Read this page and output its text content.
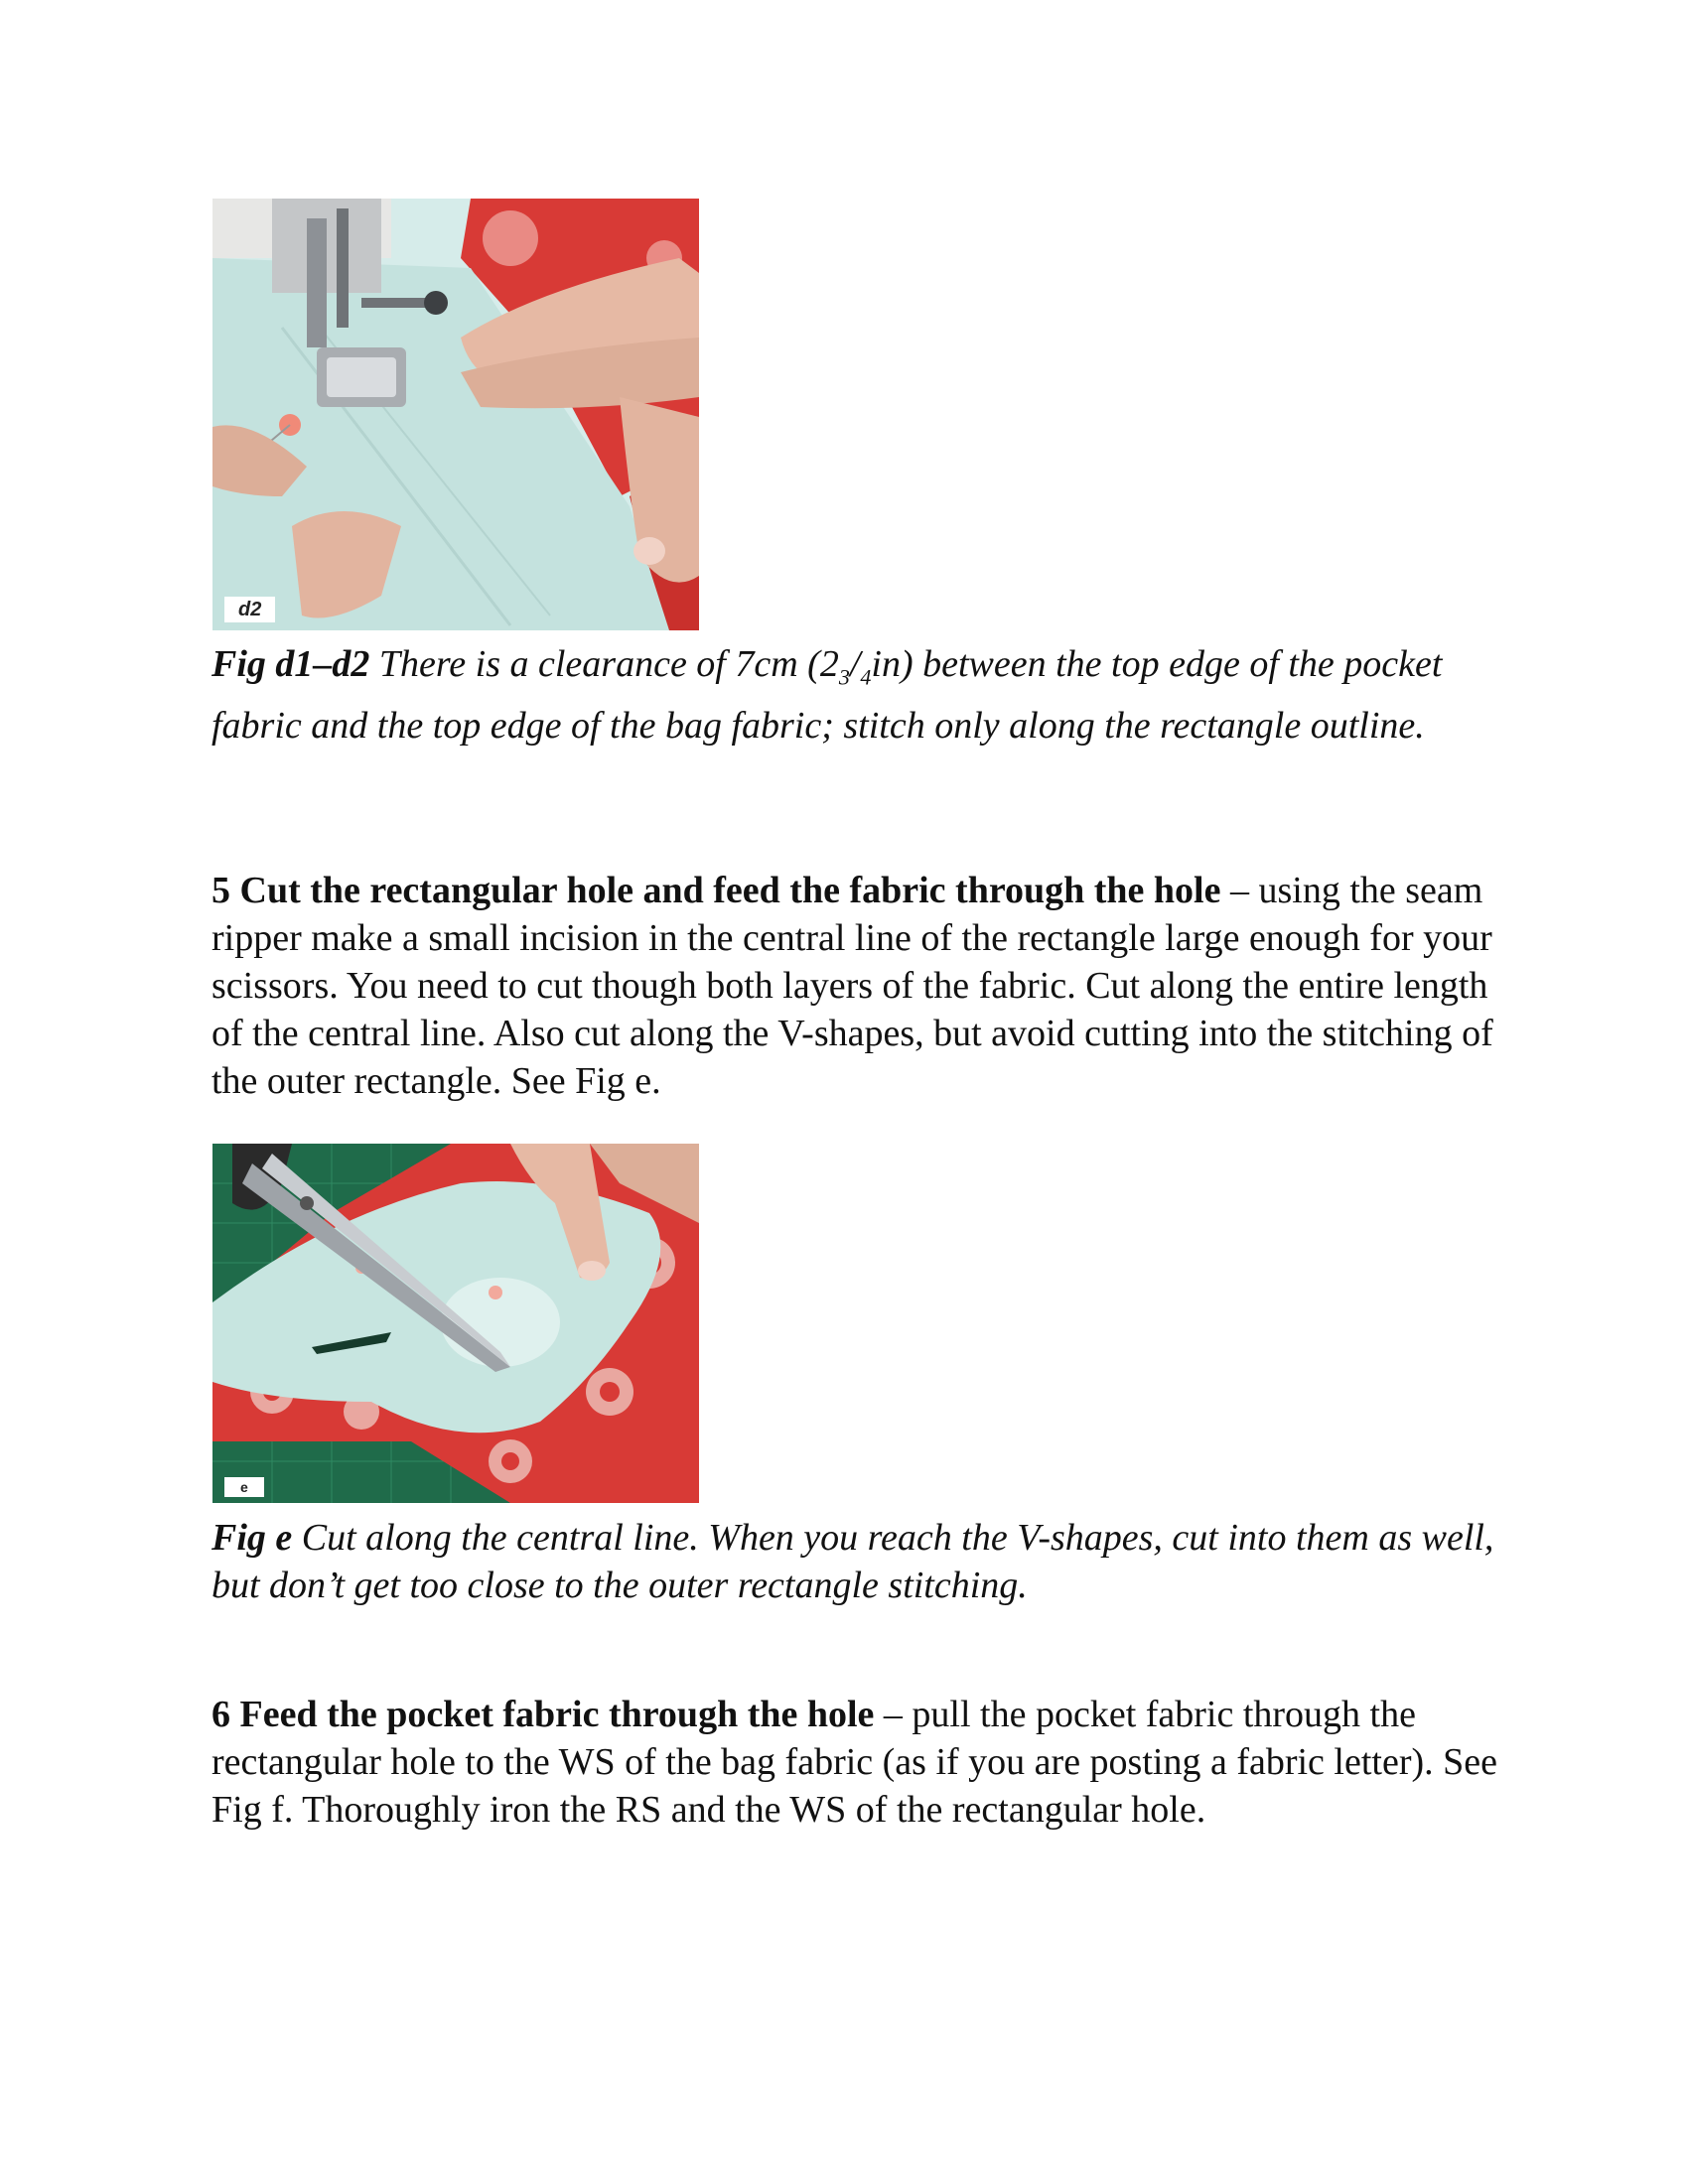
d2

Fig d1–d2 There is a clearance of 7cm $(2_3/_4in)$ between the top edge of the pocket fabric and the top edge of the bag fabric; stitch only along the rectangle outline.

5 Cut the rectangular hole and feed the fabric through the hole – using the seam ripper make a small incision in the central line of the rectangle large enough for your scissors. You need to cut though both layers of the fabric. Cut along the entire length of the central line. Also cut along the V-shapes, but avoid cutting into the stitching of the outer rectangle. See Fig e.

e

Fig e Cut along the central line. When you reach the V-shapes, cut into them as well, but don’t get too close to the outer rectangle stitching.

6 Feed the pocket fabric through the hole – pull the pocket fabric through the rectangular hole to the WS of the bag fabric (as if you are posting a fabric letter). See Fig f. Thoroughly iron the RS and the WS of the rectangular hole.
